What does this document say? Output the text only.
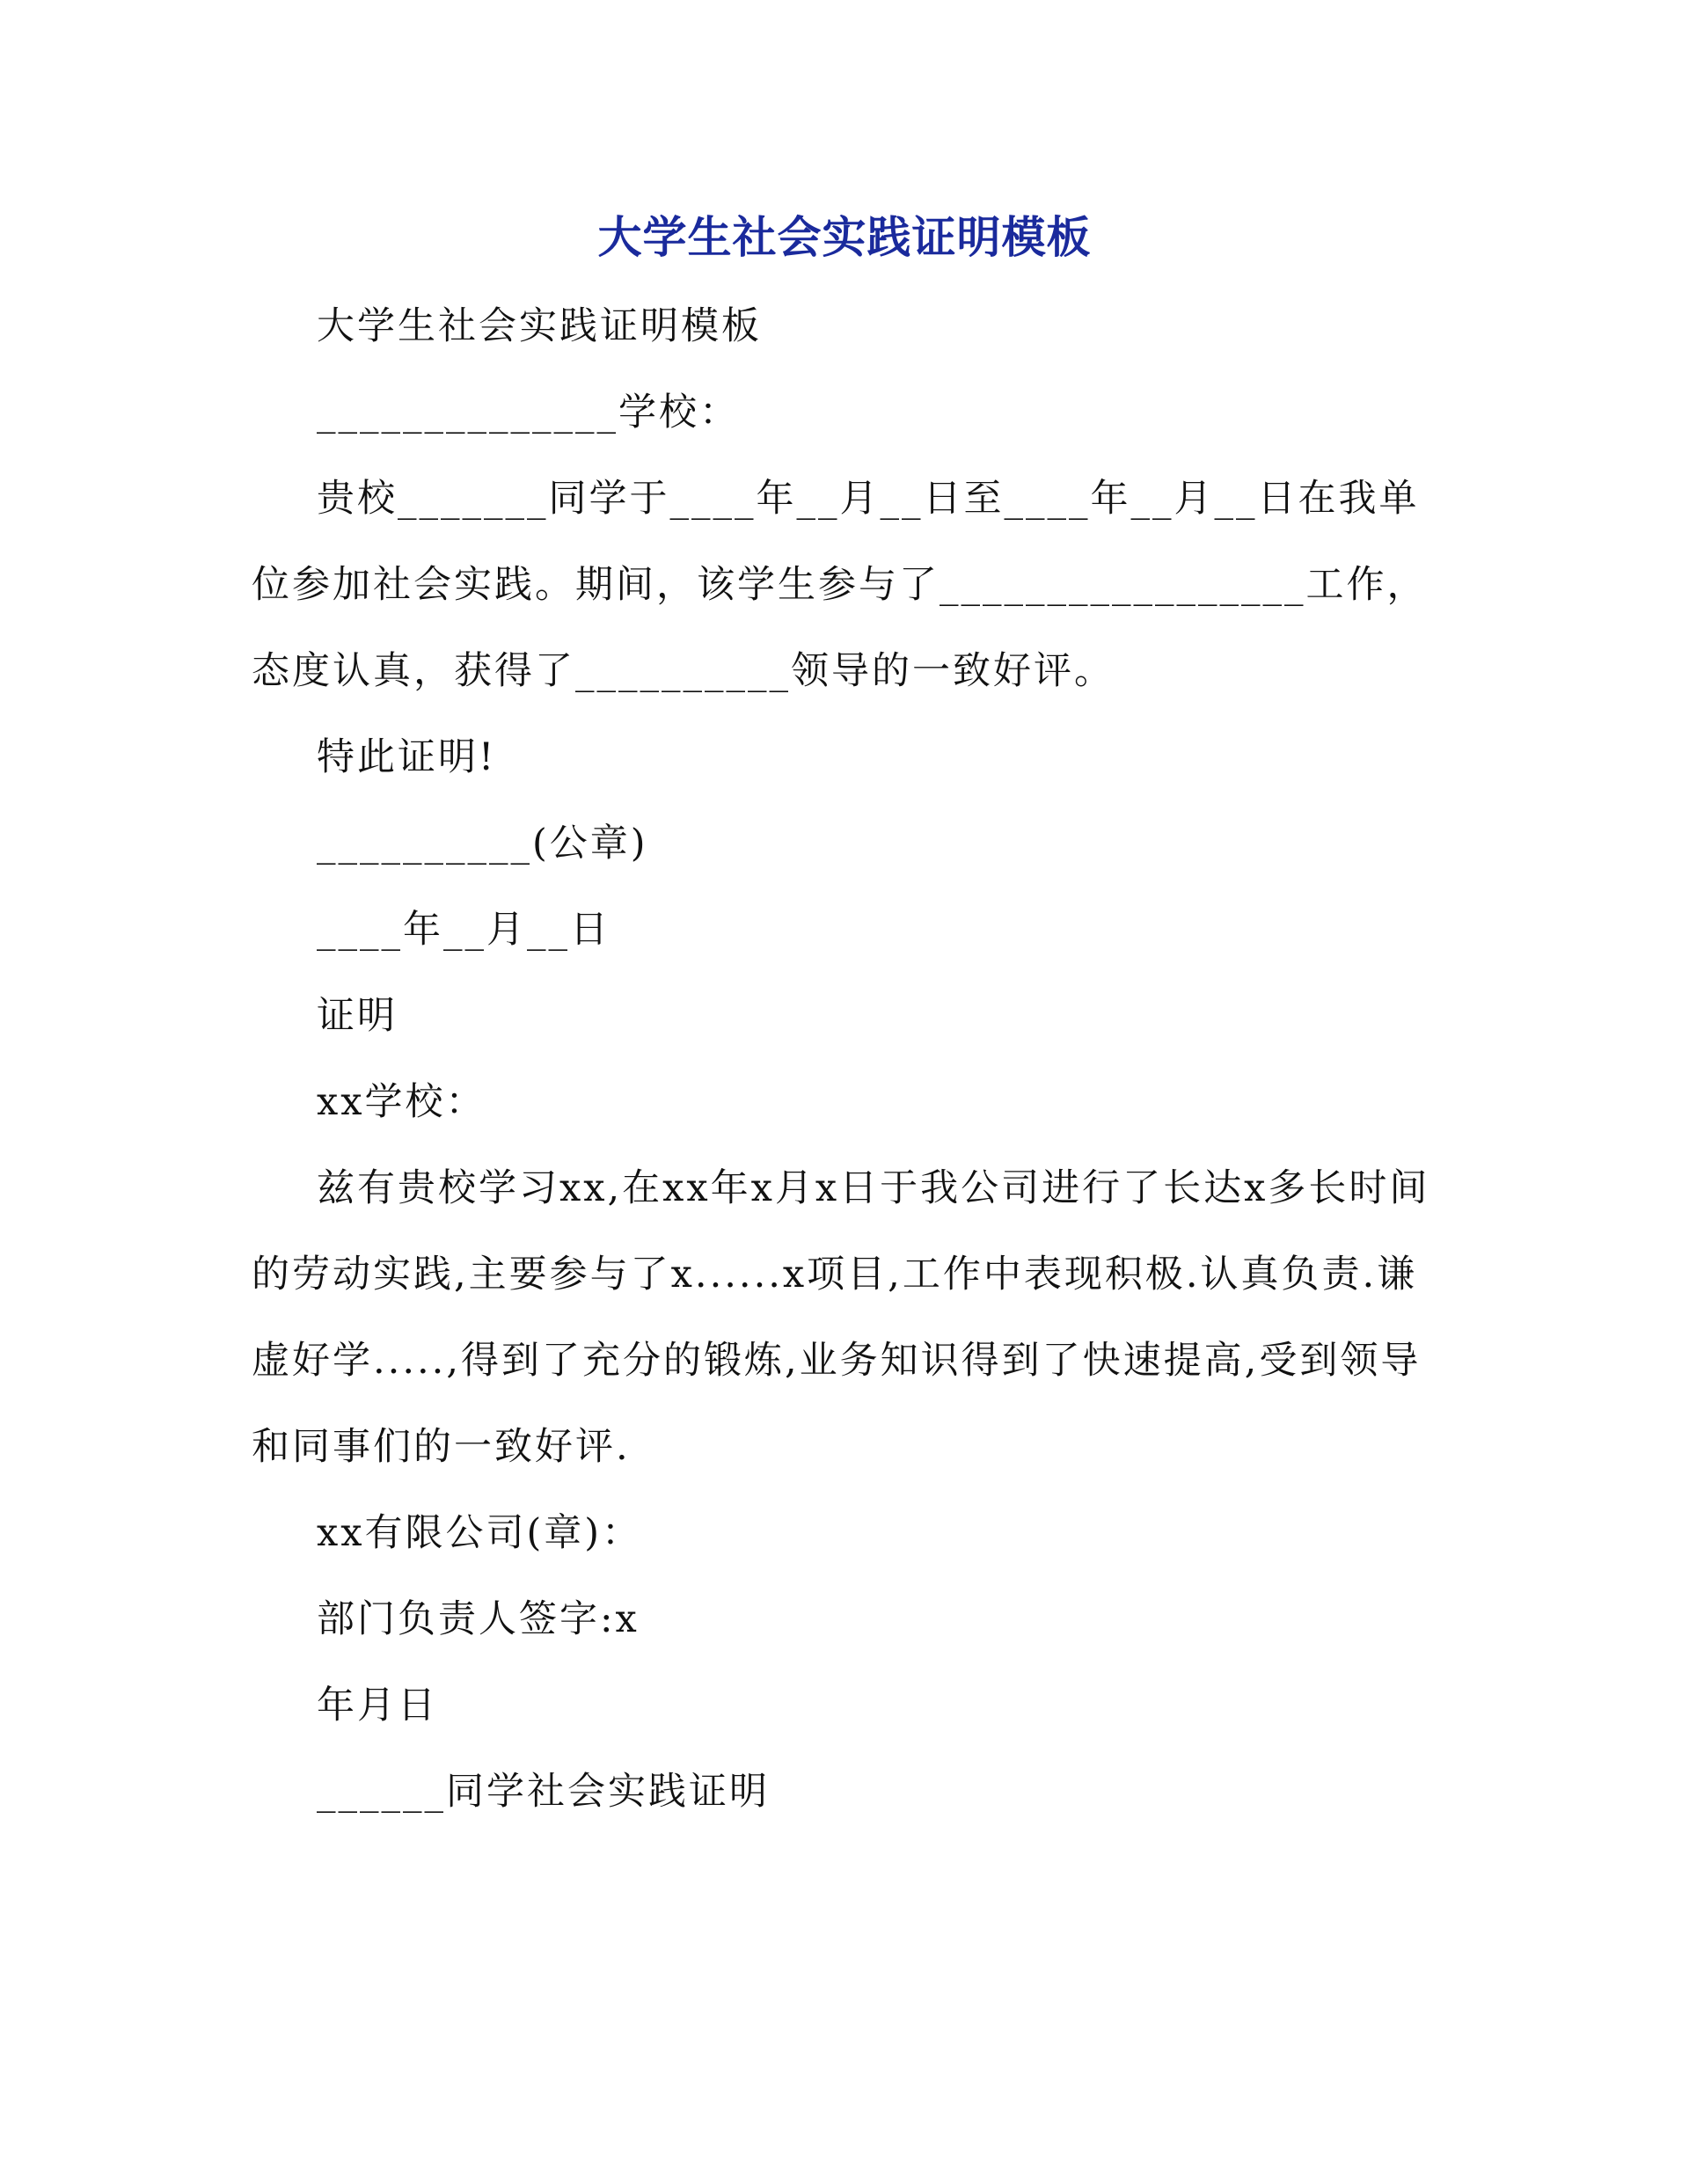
大学生社会实践证明模板

大学生社会实践证明模板

______________学校：

贵校_______同学于____年__月__日至____年__月__日在我单位参加社会实践。期间，该学生参与了_________________工作，态度认真，获得了__________领导的一致好评。

特此证明!

__________(公章)

____年__月__日

证明

xx学校：

兹有贵校学习xx,在xx年x月x日于我公司进行了长达x多长时间的劳动实践,主要参与了x......x项目,工作中表现积极.认真负责.谦虚好学.....,得到了充分的锻炼,业务知识得到了快速提高,受到领导和同事们的一致好评.

xx有限公司(章)：

部门负责人签字:x

年月日

______同学社会实践证明
